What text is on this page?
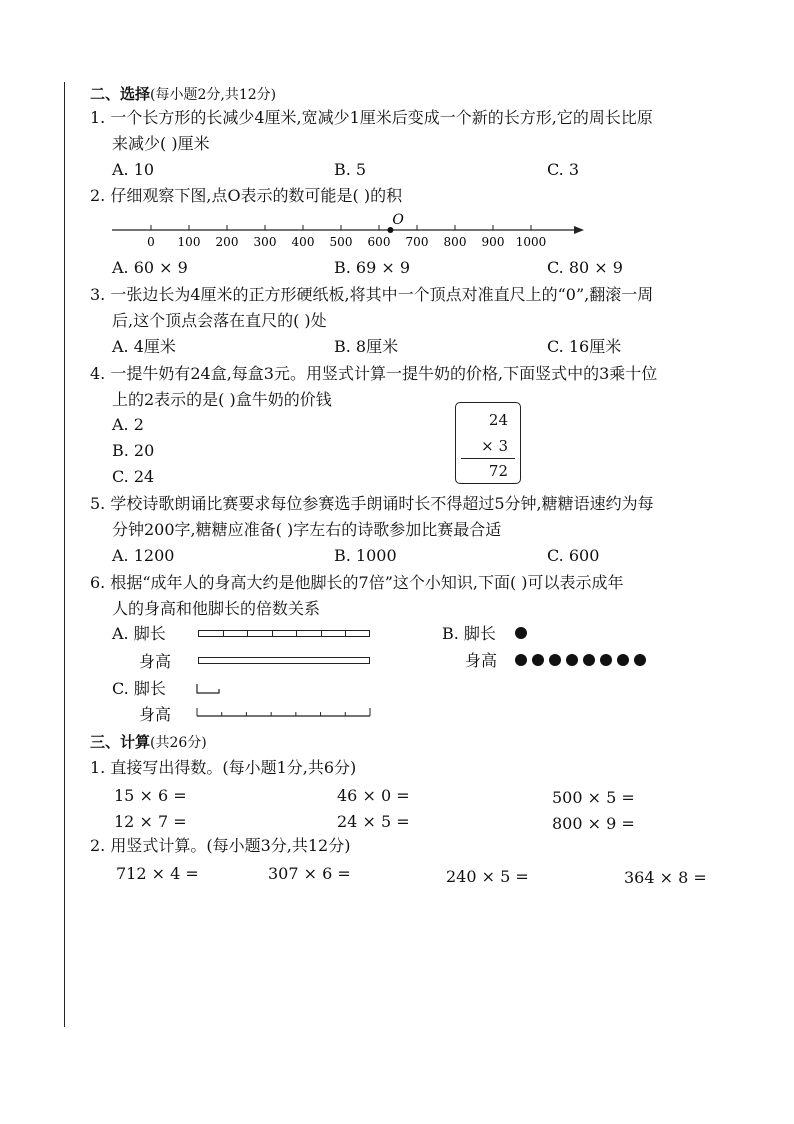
二、选择(每小题2分,共12分)
1. 一个长方形的长减少4厘米,宽减少1厘米后变成一个新的长方形,它的周长比原
来减少( )厘米
A. 10	B. 5	C. 3
2. 仔细观察下图,点O表示的数可能是( )的积
0 100 200 300 400 500 600 700 800 900 1000
O
A. 60 × 9	B. 69 × 9	C. 80 × 9
3. 一张边长为4厘米的正方形硬纸板,将其中一个顶点对准直尺上的“0”,翻滚一周
后,这个顶点会落在直尺的( )处
A. 4厘米	B. 8厘米	C. 16厘米
4. 一提牛奶有24盒,每盒3元。用竖式计算一提牛奶的价格,下面竖式中的3乘十位
上的2表示的是( )盒牛奶的价钱
A. 2
B. 20
C. 24
24
× 3
72
5. 学校诗歌朗诵比赛要求每位参赛选手朗诵时长不得超过5分钟,糖糖语速约为每
分钟200字,糖糖应准备( )字左右的诗歌参加比赛最合适
A. 1200	B. 1000	C. 600
6. 根据“成年人的身高大约是他脚长的7倍”这个小知识,下面( )可以表示成年
人的身高和他脚长的倍数关系
A. 脚长
身高
B. 脚长
身高
C. 脚长
身高
三、计算(共26分)
1. 直接写出得数。(每小题1分,共6分)
15 × 6 =	46 × 0 =	500 × 5 =
12 × 7 =	24 × 5 =	800 × 9 =
2. 用竖式计算。(每小题3分,共12分)
712 × 4 =	307 × 6 =	240 × 5 =	364 × 8 =
